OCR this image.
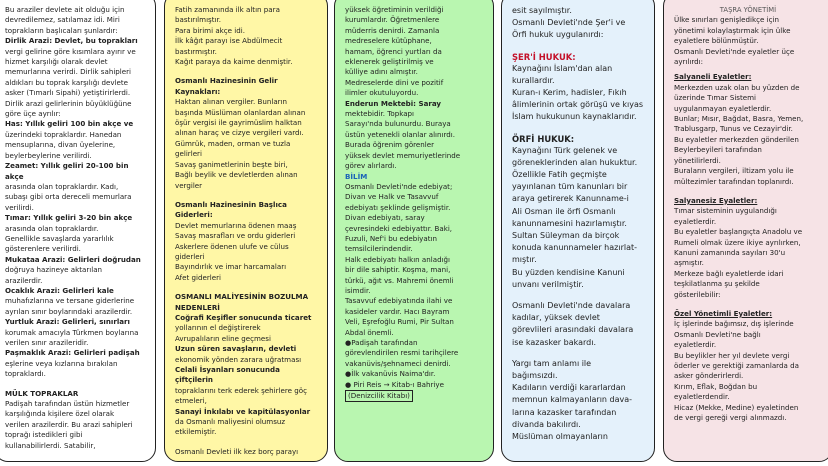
Bu araziler devlete ait olduğu için

devredilemez, satılamaz idi. Miri

toprakların başlıcaları şunlardır:

Dirlik Arazi: Devlet, bu toprakları

vergi gelirine göre kısımlara ayırır ve

hizmet karşılığı olarak devlet

memurlarına verirdi. Dirlik sahipleri

aldıkları bu toprak karşılığı devlete

asker (Tımarlı Sipahi) yetiştirirlerdi.

Dirlik arazi gelirlerinin büyüklüğüne

göre üçe ayrılır:

Has: Yıllık geliri 100 bin akçe ve

üzerindeki topraklardır. Hanedan

mensuplarına, divan üyelerine,

beylerbeylerine verilirdi.

Zeamet: Yıllık geliri 20-100 bin akçe

arasında olan topraklardır. Kadı,

subaşı gibi orta dereceli memurlara

verilirdi.

Tımar: Yıllık geliri 3-20 bin akçe

arasında olan topraklardır.

Genellikle savaşlarda yararlılık

gösterenlere verilirdi.

Mukataa Arazi: Gelirleri doğrudan

doğruya hazineye aktarılan

arazilerdir.

Ocaklık Arazi: Gelirleri kale

muhafızlarına ve tersane giderlerine

ayrılan sınır boylarındaki arazilerdir.

Yurtluk Arazi: Gelirleri, sınırları

korumak amacıyla Türkmen boylarına

verilen sınır arazileridir.

Paşmaklık Arazi: Gelirleri padişah

eşlerine veya kızlarına bırakılan

topraklardı.

MÜLK TOPRAKLAR

Padişah tarafından üstün hizmetler

karşılığında kişilere özel olarak

verilen arazilerdir. Bu arazi sahipleri

toprağı istedikleri gibi

kullanabilirlerdi. Satabilir,

Fatih zamanında ilk altın para

bastırılmıştır.

Para birimi akçe idi.

İlk kâğıt parayı ise Abdülmecit

bastırmıştır.

Kağıt paraya da kaime denmiştir.

Osmanlı Hazinesinin Gelir Kaynakları:

Haktan alınan vergiler. Bunların

başında Müslüman olanlardan alınan

öşür vergisi ile gayrimüslim halktan

alınan haraç ve cizye vergileri vardı.

Gümrük, maden, orman ve tuzla

gelirleri

Savaş ganimetlerinin beşte biri,

Bağlı beylik ve devletlerden alınan

vergiler

Osmanlı Hazinesinin Başlıca Giderleri:

Devlet memurlarına ödenen maaş

Savaş masrafları ve ordu giderleri

Askerlere ödenen ulufe ve cülus

giderleri

Bayındırlık ve imar harcamaları

Afet giderleri

OSMANLI MALİYESİNİN BOZULMA NEDENLERİ

Coğrafi Keşifler sonucunda ticaret

yollarının el değiştirerek

Avrupalıların eline geçmesi

Uzun süren savaşların, devleti

ekonomik yönden zarara uğratması

Celali İsyanları sonucunda çiftçilerin

topraklarını terk ederek şehirlere göç

etmeleri,

Sanayi İnkılabı ve kapitülasyonlar

da Osmanlı maliyesini olumsuz

etkilemiştir.

Osmanlı Devleti ilk kez borç parayı

yüksek öğretiminin verildiği

kurumlardır. Öğretmenlere

müderris denirdi. Zamanla

medreselere kütüphane,

hamam, öğrenci yurtları da

eklenerek geliştirilmiş ve

külliye adını almıştır.

Medreselerde dini ve pozitif

ilimler okutuluyordu.

Enderun Mektebi: Saray

mektebidir. Topkapı

Sarayı'nda bulunurdu. Buraya

üstün yetenekli olanlar alınırdı.

Burada öğrenim görenler

yüksek devlet memuriyetlerinde

görev alırlardı.

BİLİM

Osmanlı Devleti'nde edebiyat;

Divan ve Halk ve Tasavvuf

edebiyatı şeklinde gelişmiştir.

Divan edebiyatı, saray

çevresindeki edebiyattır. Baki,

Fuzuli, Nef'i bu edebiyatın

temsilcilerindendir.

Halk edebiyatı halkın anladığı

bir dile sahiptir. Koşma, mani,

türkü, ağıt vs. Mahremi önemli

isimdir.

Tasavvuf edebiyatında ilahi ve

kasideler vardır. Hacı Bayram

Veli, Eşrefoğlu Rumi, Pir Sultan

Abdal önemli.

●Padişah tarafından

görevlendirilen resmi tarihçilere

vakanüvis/şehnameci denirdi.

●İlk vakanüvis Naima'dır.

● Piri Reis → Kitab-ı Bahriye

(Denizcilik Kitabı)

esit sayılmıştır.

Osmanlı Devleti'nde Şer'i ve

Örfi hukuk uygulanırdı:

ŞER'İ HUKUK:

Kaynağını İslam'dan alan

kurallardır.

Kuran-ı Kerim, hadisler, Fıkıh

âlimlerinin ortak görüşü ve kıyas

İslam hukukunun kaynaklarıdır.

ÖRFİ HUKUK:

Kaynağını Türk gelenek ve

göreneklerinden alan hukuktur.

Özellikle Fatih geçmişte

yayınlanan tüm kanunları bir

araya getirerek Kanunname-i

Ali Osman ile örfi Osmanlı

kanunnamesini hazırlamıştır.

Sultan Süleyman da birçok

konuda kanunnameler hazırlat-

mıştır.

Bu yüzden kendisine Kanuni

unvanı verilmiştir.

Osmanlı Devleti'nde davalara

kadılar, yüksek devlet

görevlileri arasındaki davalara

ise kazasker bakardı.

Yargı tam anlamı ile

bağımsızdı.

Kadıların verdiği kararlardan

memnun kalmayanların dava-

larına kazasker tarafından

divanda bakılırdı.

Müslüman olmayanların

TAŞRA YÖNETİMİ

Ülke sınırları genişledikçe için

yönetimi kolaylaştırmak için ülke

eyaletlere bölünmüştür.

Osmanlı Devleti'nde eyaletler üçe

ayrılırdı:

Salyaneli Eyaletler:

Merkezden uzak olan bu yüzden de

üzerinde Tımar Sistemi

uygulanmayan eyaletlerdir.

Bunlar; Mısır, Bağdat, Basra, Yemen,

Trablusgarp, Tunus ve Cezayir'dir.

Bu eyaletler merkezden gönderilen

Beylerbeyileri tarafından

yönetilirlerdi.

Buraların vergileri, iltizam yolu ile

mültezimler tarafından toplanırdı.

Salyanesiz Eyaletler:

Tımar sisteminin uygulandığı

eyaletlerdir.

Bu eyaletler başlangıçta Anadolu ve

Rumeli olmak üzere ikiye ayrılırken,

Kanuni zamanında sayıları 30'u

aşmıştır.

Merkeze bağlı eyaletlerde idari

teşkilatlanma şu şekilde

gösterilebilir:

Özel Yönetimli Eyaletler:

İç işlerinde bağımsız, dış işlerinde

Osmanlı Devleti'ne bağlı

eyaletlerdir.

Bu beylikler her yıl devlete vergi

öderler ve gerektiği zamanlarda da

asker gönderirlerdi.

Kırım, Eflak, Boğdan bu

eyaletlerdendir.

Hicaz (Mekke, Medine) eyaletinden

de vergi gereği vergi alınmazdı.
